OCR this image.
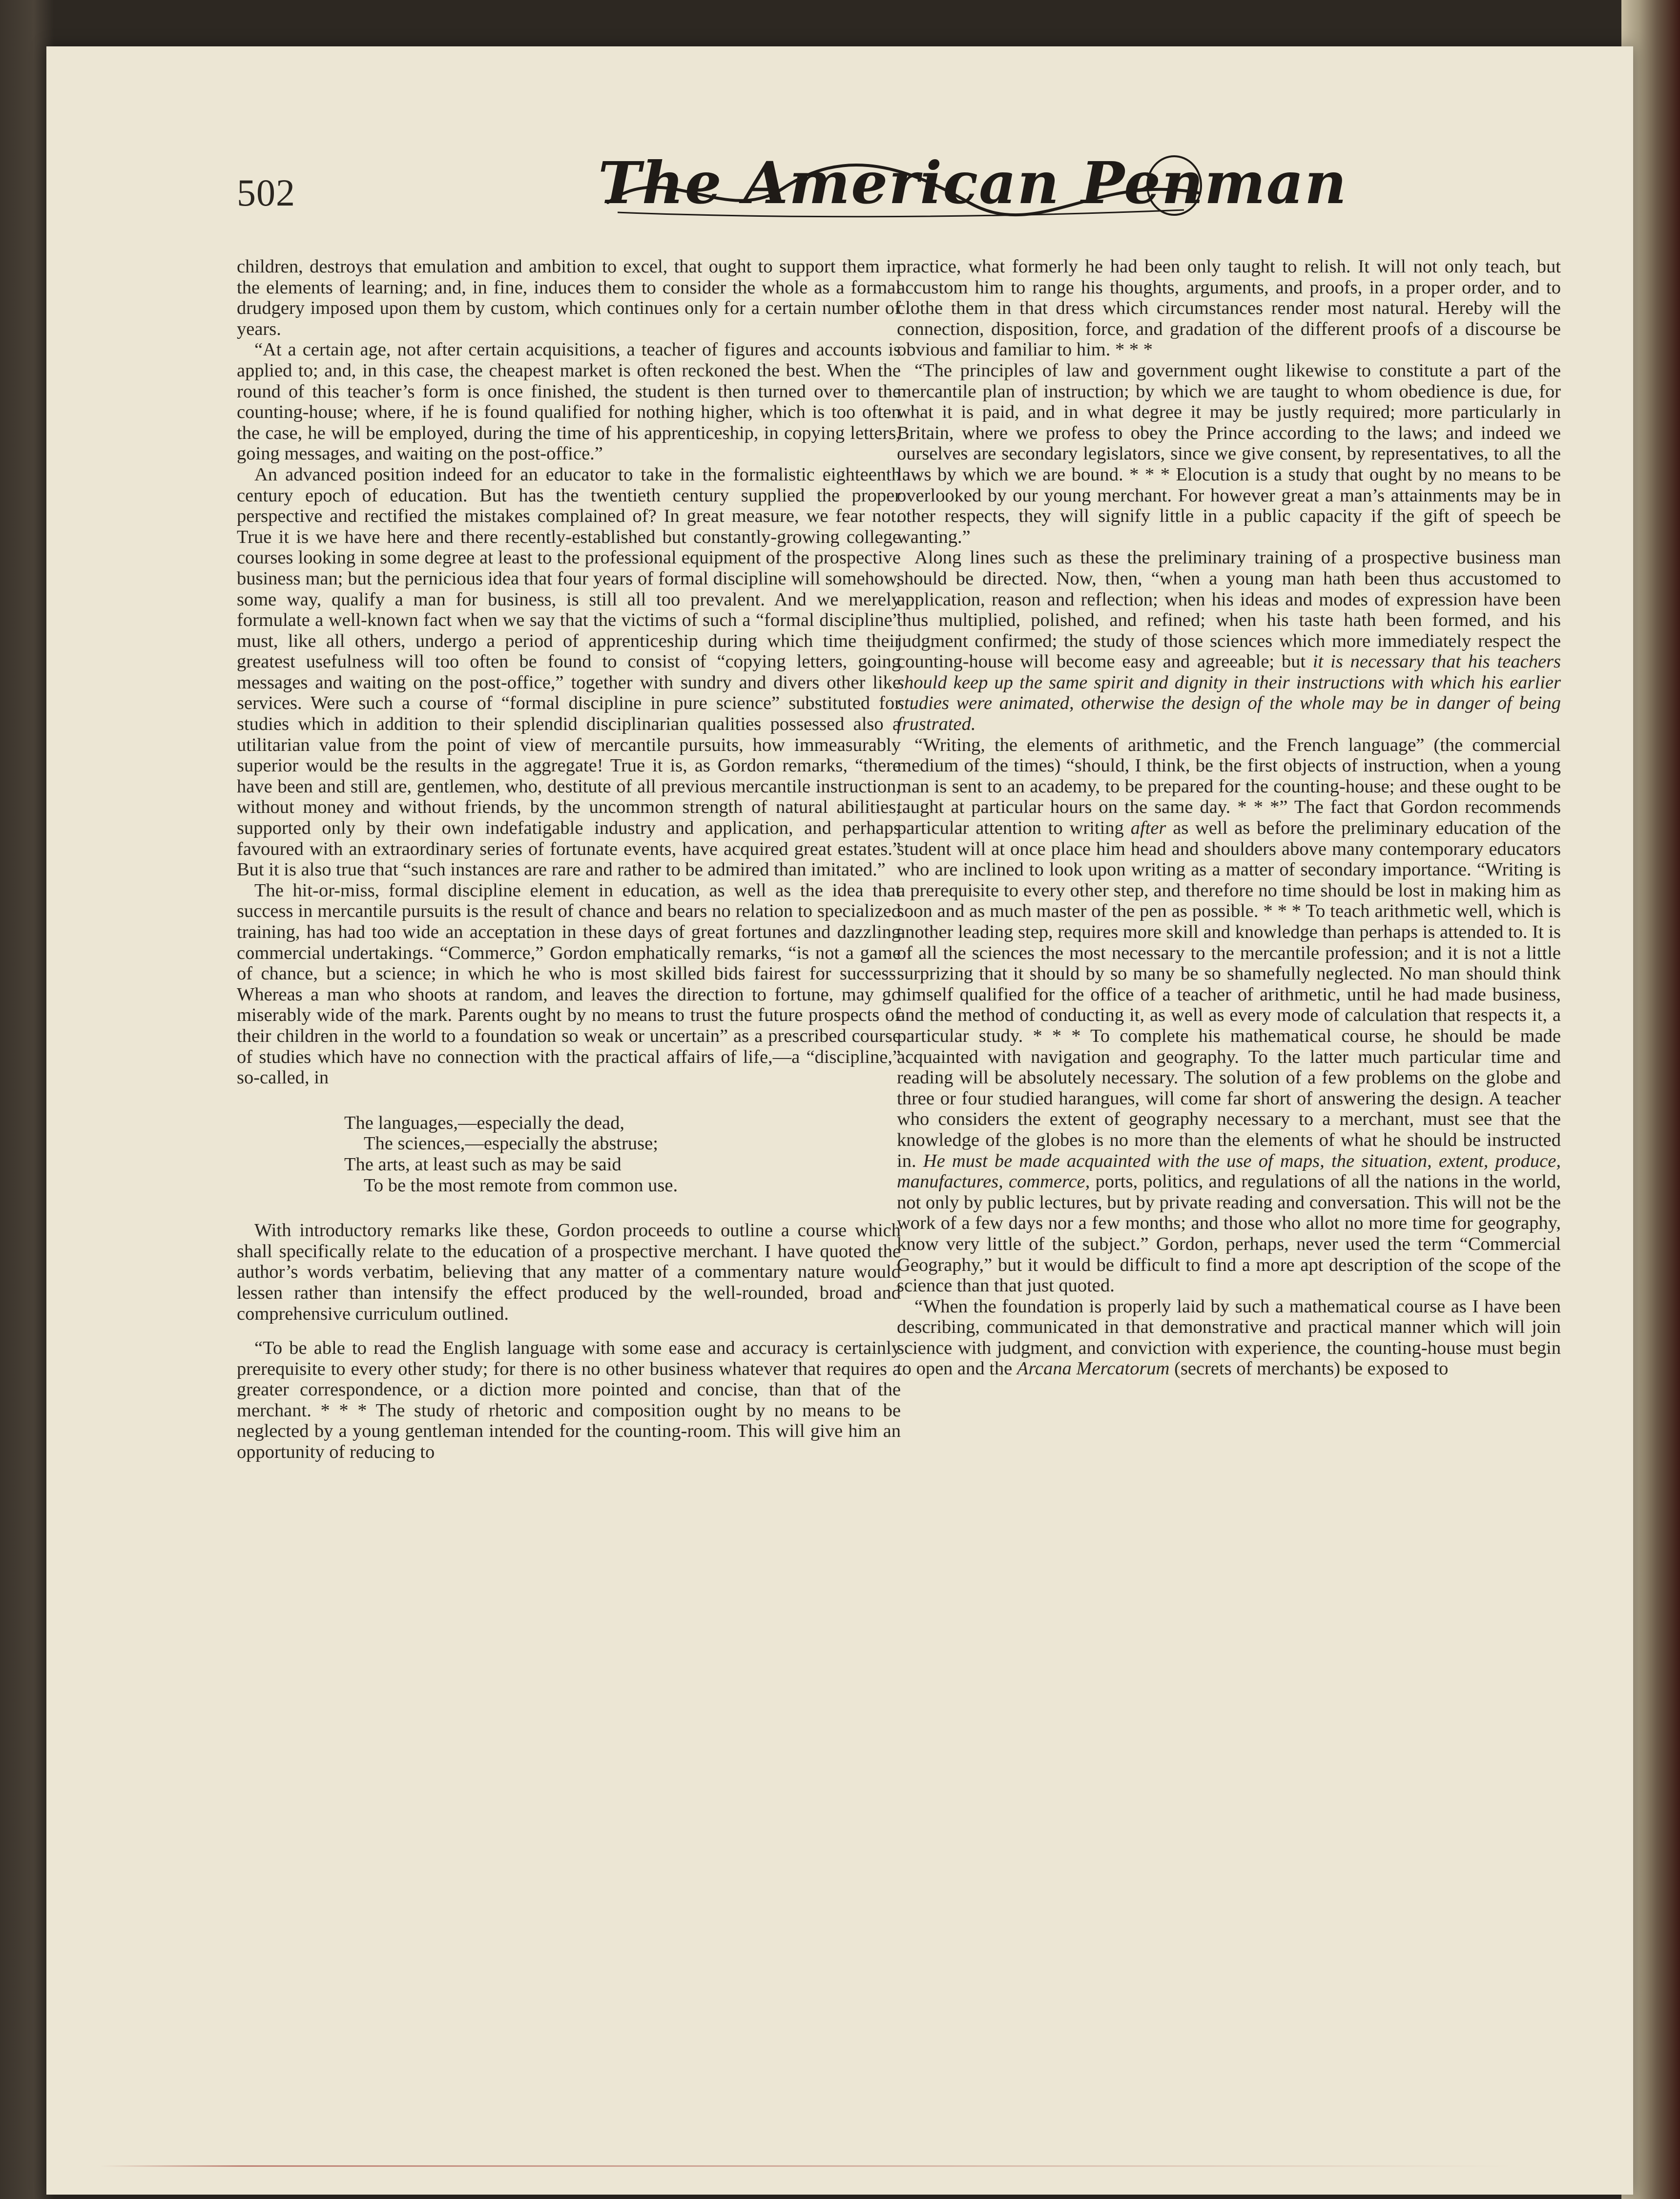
502	The American Penman

children, destroys that emulation and ambition to excel, that ought to support them in the elements of learning; and, in fine, induces them to consider the whole as a formal drudgery imposed upon them by custom, which continues only for a certain number of years.

“At a certain age, not after certain acquisitions, a teacher of figures and accounts is applied to; and, in this case, the cheapest market is often reckoned the best. When the round of this teacher’s form is once finished, the student is then turned over to the counting-house; where, if he is found qualified for nothing higher, which is too often the case, he will be employed, during the time of his apprenticeship, in copying letters, going messages, and waiting on the post-office.”

An advanced position indeed for an educator to take in the formalistic eighteenth century epoch of education. But has the twentieth century supplied the proper perspective and rectified the mistakes complained of? In great measure, we fear not. True it is we have here and there recently-established but constantly-growing college courses looking in some degree at least to the professional equipment of the prospective business man; but the pernicious idea that four years of formal discipline will somehow, some way, qualify a man for business, is still all too prevalent. And we merely formulate a well-known fact when we say that the victims of such a “formal discipline” must, like all others, undergo a period of apprenticeship during which time their greatest usefulness will too often be found to consist of “copying letters, going messages and waiting on the post-office,” together with sundry and divers other like services. Were such a course of “formal discipline in pure science” substituted for studies which in addition to their splendid disciplinarian qualities possessed also a utilitarian value from the point of view of mercantile pursuits, how immeasurably superior would be the results in the aggregate! True it is, as Gordon remarks, “there have been and still are, gentlemen, who, destitute of all previous mercantile instruction, without money and without friends, by the uncommon strength of natural abilities, supported only by their own indefatigable industry and application, and perhaps favoured with an extraordinary series of fortunate events, have acquired great estates.” But it is also true that “such instances are rare and rather to be admired than imitated.”

The hit-or-miss, formal discipline element in education, as well as the idea that success in mercantile pursuits is the result of chance and bears no relation to specialized training, has had too wide an acceptation in these days of great fortunes and dazzling commercial undertakings. “Commerce,” Gordon emphatically remarks, “is not a game of chance, but a science; in which he who is most skilled bids fairest for success. Whereas a man who shoots at random, and leaves the direction to fortune, may go miserably wide of the mark. Parents ought by no means to trust the future prospects of their children in the world to a foundation so weak or uncertain” as a prescribed course of studies which have no connection with the practical affairs of life,—a “discipline,” so-called, in

The languages,—especially the dead,
The sciences,—especially the abstruse;
The arts, at least such as may be said
To be the most remote from common use.

With introductory remarks like these, Gordon proceeds to outline a course which shall specifically relate to the education of a prospective merchant. I have quoted the author’s words verbatim, believing that any matter of a commentary nature would lessen rather than intensify the effect produced by the well-rounded, broad and comprehensive curriculum outlined.

“To be able to read the English language with some ease and accuracy is certainly prerequisite to every other study; for there is no other business whatever that requires a greater correspondence, or a diction more pointed and concise, than that of the merchant. * * * The study of rhetoric and composition ought by no means to be neglected by a young gentleman intended for the counting-room. This will give him an opportunity of reducing to

practice, what formerly he had been only taught to relish. It will not only teach, but accustom him to range his thoughts, arguments, and proofs, in a proper order, and to clothe them in that dress which circumstances render most natural. Hereby will the connection, disposition, force, and gradation of the different proofs of a discourse be obvious and familiar to him. * * *

“The principles of law and government ought likewise to constitute a part of the mercantile plan of instruction; by which we are taught to whom obedience is due, for what it is paid, and in what degree it may be justly required; more particularly in Britain, where we profess to obey the Prince according to the laws; and indeed we ourselves are secondary legislators, since we give consent, by representatives, to all the laws by which we are bound. * * * Elocution is a study that ought by no means to be overlooked by our young merchant. For however great a man’s attainments may be in other respects, they will signify little in a public capacity if the gift of speech be wanting.”

Along lines such as these the preliminary training of a prospective business man should be directed. Now, then, “when a young man hath been thus accustomed to application, reason and reflection; when his ideas and modes of expression have been thus multiplied, polished, and refined; when his taste hath been formed, and his judgment confirmed; the study of those sciences which more immediately respect the counting-house will become easy and agreeable; but it is necessary that his teachers should keep up the same spirit and dignity in their instructions with which his earlier studies were animated, otherwise the design of the whole may be in danger of being frustrated.

“Writing, the elements of arithmetic, and the French language” (the commercial medium of the times) “should, I think, be the first objects of instruction, when a young man is sent to an academy, to be prepared for the counting-house; and these ought to be taught at particular hours on the same day. * * *” The fact that Gordon recommends particular attention to writing after as well as before the preliminary education of the student will at once place him head and shoulders above many contemporary educators who are inclined to look upon writing as a matter of secondary importance. “Writing is a prerequisite to every other step, and therefore no time should be lost in making him as soon and as much master of the pen as possible. * * * To teach arithmetic well, which is another leading step, requires more skill and knowledge than perhaps is attended to. It is of all the sciences the most necessary to the mercantile profession; and it is not a little surprizing that it should by so many be so shamefully neglected. No man should think himself qualified for the office of a teacher of arithmetic, until he had made business, and the method of conducting it, as well as every mode of calculation that respects it, a particular study. * * * To complete his mathematical course, he should be made acquainted with navigation and geography. To the latter much particular time and reading will be absolutely necessary. The solution of a few problems on the globe and three or four studied harangues, will come far short of answering the design. A teacher who considers the extent of geography necessary to a merchant, must see that the knowledge of the globes is no more than the elements of what he should be instructed in. He must be made acquainted with the use of maps, the situation, extent, produce, manufactures, commerce, ports, politics, and regulations of all the nations in the world, not only by public lectures, but by private reading and conversation. This will not be the work of a few days nor a few months; and those who allot no more time for geography, know very little of the subject.” Gordon, perhaps, never used the term “Commercial Geography,” but it would be difficult to find a more apt description of the scope of the science than that just quoted.

“When the foundation is properly laid by such a mathematical course as I have been describing, communicated in that demonstrative and practical manner which will join science with judgment, and conviction with experience, the counting-house must begin to open and the Arcana Mercatorum (secrets of merchants) be exposed to
